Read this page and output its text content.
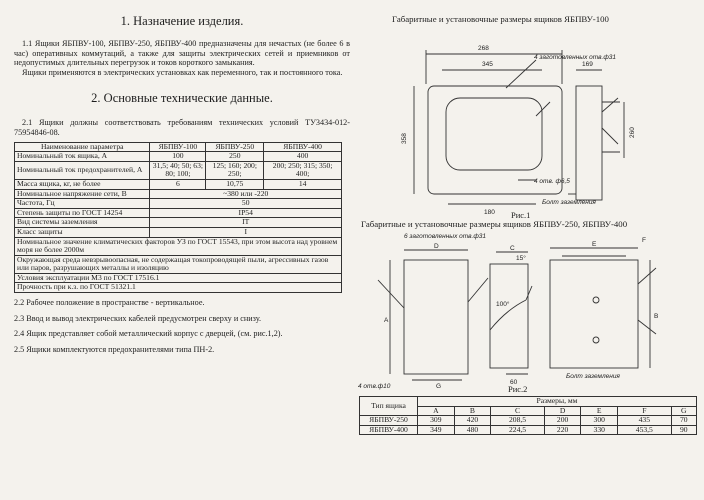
1. Назначение изделия.

1.1 Ящики ЯБПВУ-100, ЯБПВУ-250, ЯБПВУ-400 предназначены для нечастых (не более 6 в час) оперативных коммутаций, а также для защиты электрических сетей и приемников от недопустимых длительных перегрузок и токов короткого замыкания.

Ящики применяются в электрических установках как переменного, так и постоянного тока.

2. Основные технические данные.

2.1 Ящики должны соответствовать требованиям технических условий ТУ3434-012-75954846-08.

Наименование параметра	ЯБПВУ-100	ЯБПВУ-250	ЯБПВУ-400
Номинальный ток ящика, А	100	250	400
Номинальный ток предохранителей, А	31,5; 40; 50; 63; 80; 100;	125; 160; 200; 250;	200; 250; 315; 350; 400;
Масса ящика, кг, не более	6	10,75	14
Номинальное напряжение сети, В	~380 или -220		
Частота, Гц	50		
Степень защиты по ГОСТ 14254	IP54		
Вид системы заземления	IT		
Класс защиты	I		
Номинальное значение климатических факторов УЗ по ГОСТ 15543, при этом высота над уровнем моря не более 2000м			
Окружающая среда невзрывоопасная, не содержащая токопроводящей пыли, агрессивных газов или паров, разрушающих металлы и изоляцию			
Условия эксплуатации М3 по ГОСТ 17516.1			
Прочность при к.з. по ГОСТ 51321.1			

2.2 Рабочее положение в пространстве - вертикальное.

2.3 Ввод и вывод электрических кабелей предусмотрен сверху и снизу.

2.4 Ящик представляет собой металлический корпус с дверцей, (см. рис.1,2).

2.5 Ящики комплектуются предохранителями типа ПН-2.

Габаритные и установочные размеры ящиков ЯБПВУ-100
268
345
358
180
169
260
4 заготовленных отв.ф31
4 отв. ф6,5
Болт заземления
Рис.1
Габаритные и установочные размеры ящиков ЯБПВУ-250, ЯБПВУ-400
6 заготовленных отв.ф31
D
A
C
E
F
G
B
100°
15°
4 отв.ф10
60
Болт заземления
Рис.2
Тип ящика	Размеры, мм						
	A	B	C	D	E	F	G
ЯБПВУ-250	309	420	208,5	200	300	435	70
ЯБПВУ-400	349	480	224,5	220	330	453,5	90
